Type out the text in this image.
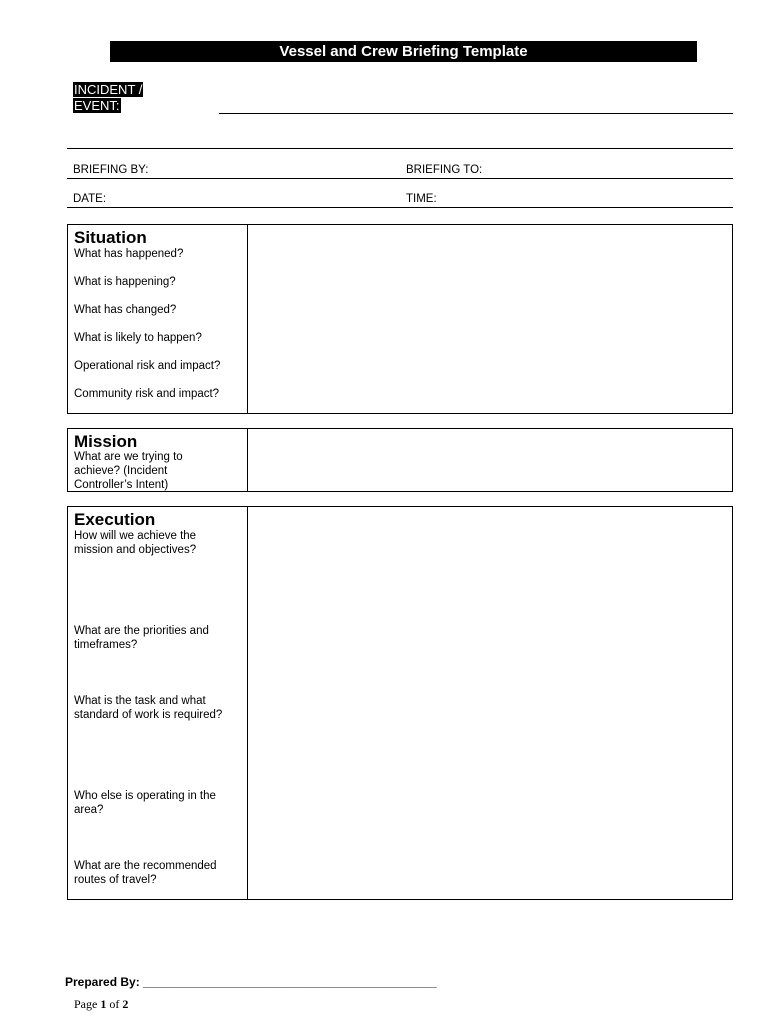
Vessel and Crew Briefing Template
INCIDENT /
EVENT:
BRIEFING BY:	BRIEFING TO:
DATE:	TIME:
Situation
What has happened?
What is happening?
What has changed?
What is likely to happen?
Operational risk and impact?
Community risk and impact?
Mission
What are we trying to achieve? (Incident Controller’s Intent)
Execution
How will we achieve the mission and objectives?
What are the priorities and timeframes?
What is the task and what standard of work is required?
Who else is operating in the area?
What are the recommended routes of travel?
Prepared By: ____________________________________________
Page 1 of 2
